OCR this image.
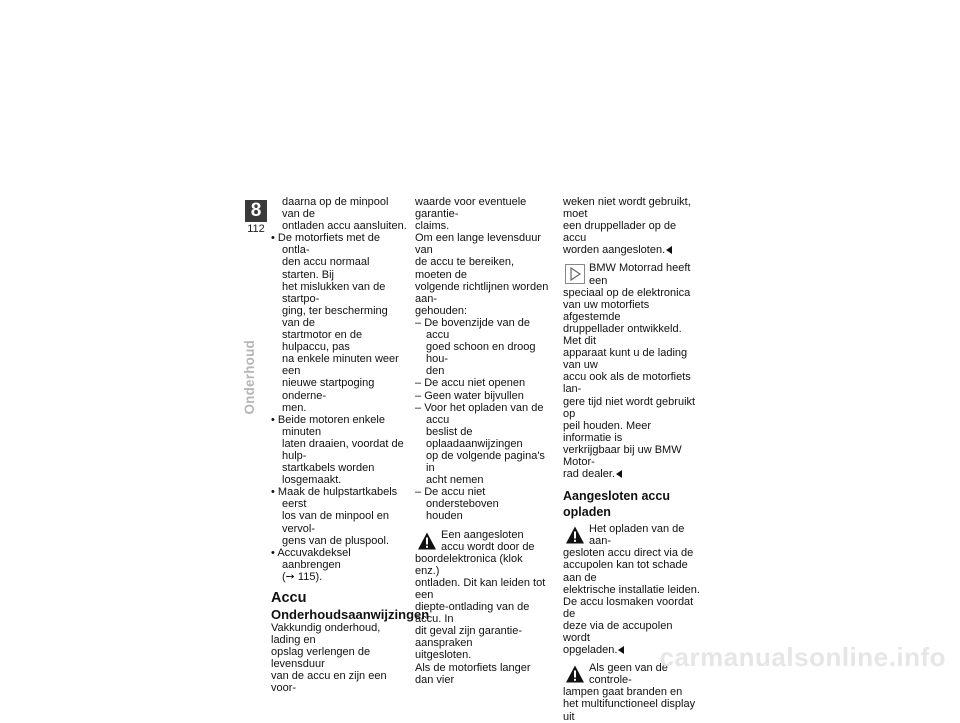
8
112
Onderhoud

daarna op de minpool van de

ontladen accu aansluiten.

• De motorfiets met de ontla-

den accu normaal starten. Bij

het mislukken van de startpo-

ging, ter bescherming van de

startmotor en de hulpaccu, pas

na enkele minuten weer een

nieuwe startpoging onderne-

men.

• Beide motoren enkele minuten

laten draaien, voordat de hulp-

startkabels worden losgemaakt.

• Maak de hulpstartkabels eerst

los van de minpool en vervol-

gens van de pluspool.

• Accuvakdeksel aanbrengen

(➙ 115).

Accu
Onderhoudsaanwijzingen

Vakkundig onderhoud, lading en

opslag verlengen de levensduur

van de accu en zijn een voor-

waarde voor eventuele garantie-

claims.

Om een lange levensduur van

de accu te bereiken, moeten de

volgende richtlijnen worden aan-

gehouden:

– De bovenzijde van de accu

goed schoon en droog hou-

den

– De accu niet openen

– Geen water bijvullen

– Voor het opladen van de accu

beslist de oplaadaanwijzingen

op de volgende pagina's in

acht nemen

– De accu niet ondersteboven

houden

Een aangesloten

accu wordt door de

boordelektronica (klok enz.)

ontladen. Dit kan leiden tot een

diepte-ontlading van de accu. In

dit geval zijn garantie-aanspraken

uitgesloten.

Als de motorfiets langer dan vier

weken niet wordt gebruikt, moet

een druppellader op de accu

worden aangesloten.

BMW Motorrad heeft een

speciaal op de elektronica

van uw motorfiets afgestemde

druppellader ontwikkeld. Met dit

apparaat kunt u de lading van uw

accu ook als de motorfiets lan-

gere tijd niet wordt gebruikt op

peil houden. Meer informatie is

verkrijgbaar bij uw BMW Motor-

rad dealer.

Aangesloten accu opladen

Het opladen van de aan-

gesloten accu direct via de

accupolen kan tot schade aan de

elektrische installatie leiden.

De accu losmaken voordat de

deze via de accupolen wordt

opgeladen.

Als geen van de controle-

lampen gaat branden en

het multifunctioneel display uit

carmanualsonline.info
